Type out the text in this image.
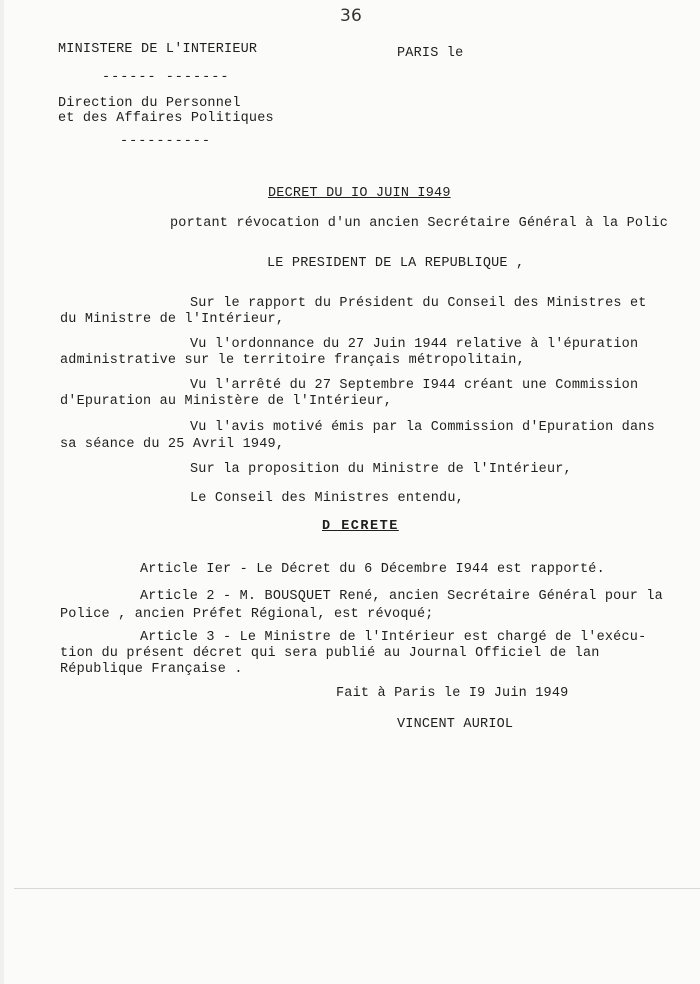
36
MINISTERE DE L'INTERIEUR	PARIS le
------ -------
Direction du Personnel
et des Affaires Politiques
----------
DECRET DU IO JUIN I949
portant révocation d'un ancien Secrétaire Général à la Polic
LE PRESIDENT DE LA REPUBLIQUE ,
Sur le rapport du Président du Conseil des Ministres et
du Ministre de l'Intérieur,
Vu l'ordonnance du 27 Juin 1944 relative à l'épuration
administrative sur le territoire français métropolitain,
Vu l'arrêté du 27 Septembre I944 créant une Commission
d'Epuration au Ministère de l'Intérieur,
Vu l'avis motivé émis par la Commission d'Epuration dans
sa séance du 25 Avril 1949,
Sur la proposition du Ministre de l'Intérieur,
Le Conseil des Ministres entendu,
D ECRETE
Article Ier - Le Décret du 6 Décembre I944 est rapporté.
Article 2 - M. BOUSQUET René, ancien Secrétaire Général pour la
Police , ancien Préfet Régional, est révoqué;
Article 3 - Le Ministre de l'Intérieur est chargé de l'exécu-
tion du présent décret qui sera publié au Journal Officiel de lan
République Française .
Fait à Paris le I9 Juin 1949
VINCENT AURIOL
